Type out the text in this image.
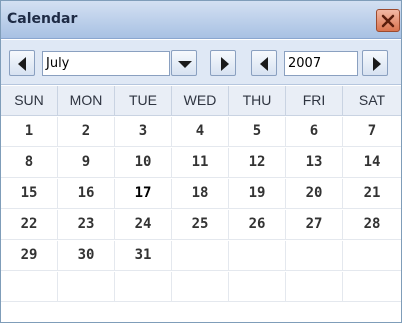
Calendar
July	2007
SUN	MON	TUE	WED	THU	FRI	SAT
1	2	3	4	5	6	7
8	9	10	11	12	13	14
15	16	17	18	19	20	21
22	23	24	25	26	27	28
29	30	31
